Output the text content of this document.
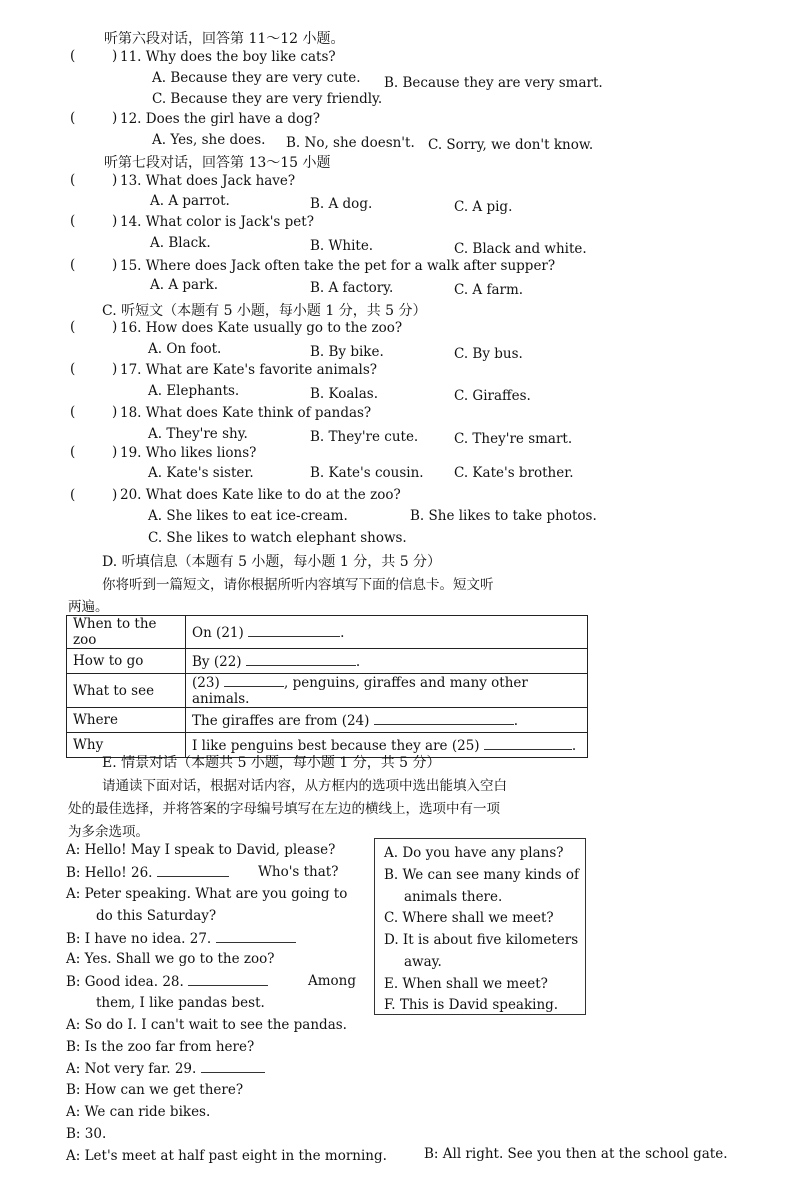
听第六段对话，回答第 11～12 小题。
(	) 11. Why does the boy like cats?
A. Because they are very cute. B. Because they are very smart.
C. Because they are very friendly.
(	) 12. Does the girl have a dog?
A. Yes, she does. B. No, she doesn't. C. Sorry, we don't know.
听第七段对话，回答第 13～15 小题
(	) 13. What does Jack have?
A. A parrot.	B. A dog.	C. A pig.
(	) 14. What color is Jack's pet?
A. Black.	B. White.	C. Black and white.
(	) 15. Where does Jack often take the pet for a walk after supper?
A. A park.	B. A factory.	C. A farm.
C. 听短文（本题有 5 小题，每小题 1 分，共 5 分）
(	) 16. How does Kate usually go to the zoo?
A. On foot.	B. By bike.	C. By bus.
(	) 17. What are Kate's favorite animals?
A. Elephants.	B. Koalas.	C. Giraffes.
(	) 18. What does Kate think of pandas?
A. They're shy.	B. They're cute.	C. They're smart.
(	) 19. Who likes lions?
A. Kate's sister.	B. Kate's cousin. C. Kate's brother.
(	) 20. What does Kate like to do at the zoo?
A. She likes to eat ice-cream.	B. She likes to take photos.
C. She likes to watch elephant shows.
D. 听填信息（本题有 5 小题，每小题 1 分，共 5 分）
你将听到一篇短文，请你根据所听内容填写下面的信息卡。短文听
两遍。
When to the zoo	On (21) .
How to go	By (22) .
What to see	(23) , penguins, giraffes and many other animals.
Where	The giraffes are from (24) .
Why	I like penguins best because they are (25) .
E. 情景对话（本题共 5 小题，每小题 1 分，共 5 分）
请通读下面对话，根据对话内容，从方框内的选项中选出能填入空白
处的最佳选择，并将答案的字母编号填写在左边的横线上，选项中有一项
为多余选项。
A: Hello! May I speak to David, please?
B: Hello! 26.	Who's that?
A: Peter speaking. What are you going to
do this Saturday?
B: I have no idea. 27.
A: Yes. Shall we go to the zoo?
B: Good idea. 28.	Among
them, I like pandas best.
A: So do I. I can't wait to see the pandas.
B: Is the zoo far from here?
A: Not very far. 29.
B: How can we get there?
A: We can ride bikes.
B: 30.
A: Let's meet at half past eight in the morning.	B: All right. See you then at the school gate.
A. Do you have any plans?
B. We can see many kinds of
animals there.
C. Where shall we meet?
D. It is about five kilometers
away.
E. When shall we meet?
F. This is David speaking.
